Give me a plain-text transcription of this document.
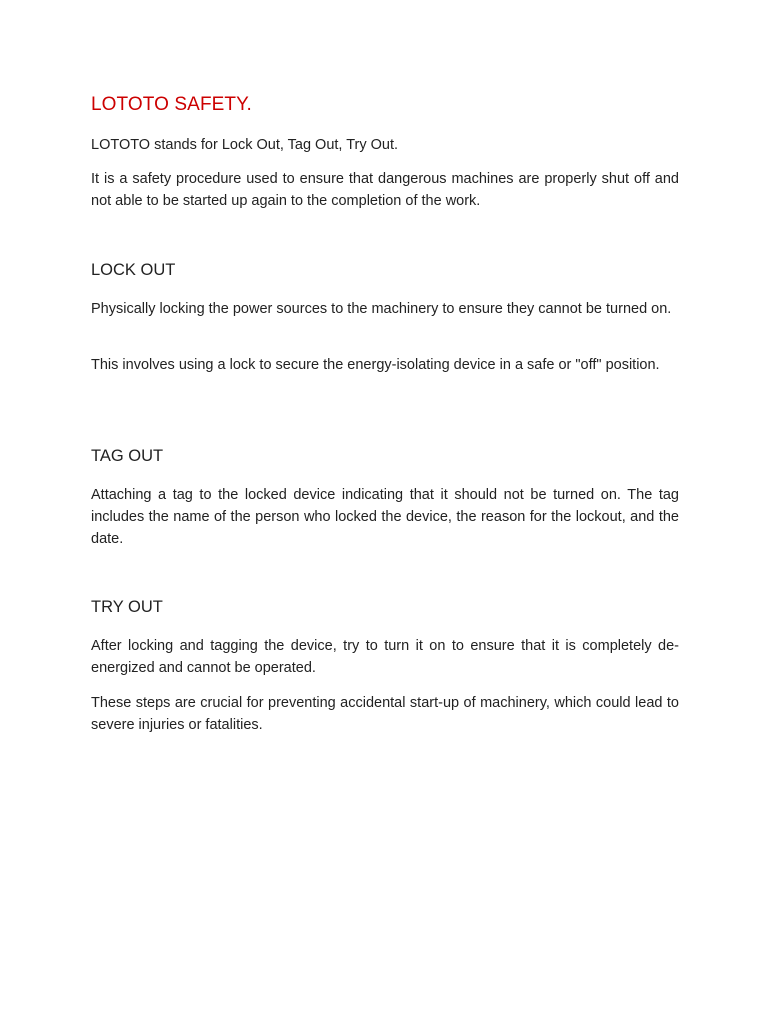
LOTOTO SAFETY.

LOTOTO stands for Lock Out, Tag Out, Try Out.

It is a safety procedure used to ensure that dangerous machines are properly shut off and not able to be started up again to the completion of the work.

LOCK OUT

Physically locking the power sources to the machinery to ensure they cannot be turned on.

This involves using a lock to secure the energy-isolating device in a safe or "off" position.

TAG OUT

Attaching a tag to the locked device indicating that it should not be turned on. The tag includes the name of the person who locked the device, the reason for the lockout, and the date.

TRY OUT

After locking and tagging the device, try to turn it on to ensure that it is completely de-energized and cannot be operated.

These steps are crucial for preventing accidental start-up of machinery, which could lead to severe injuries or fatalities.
